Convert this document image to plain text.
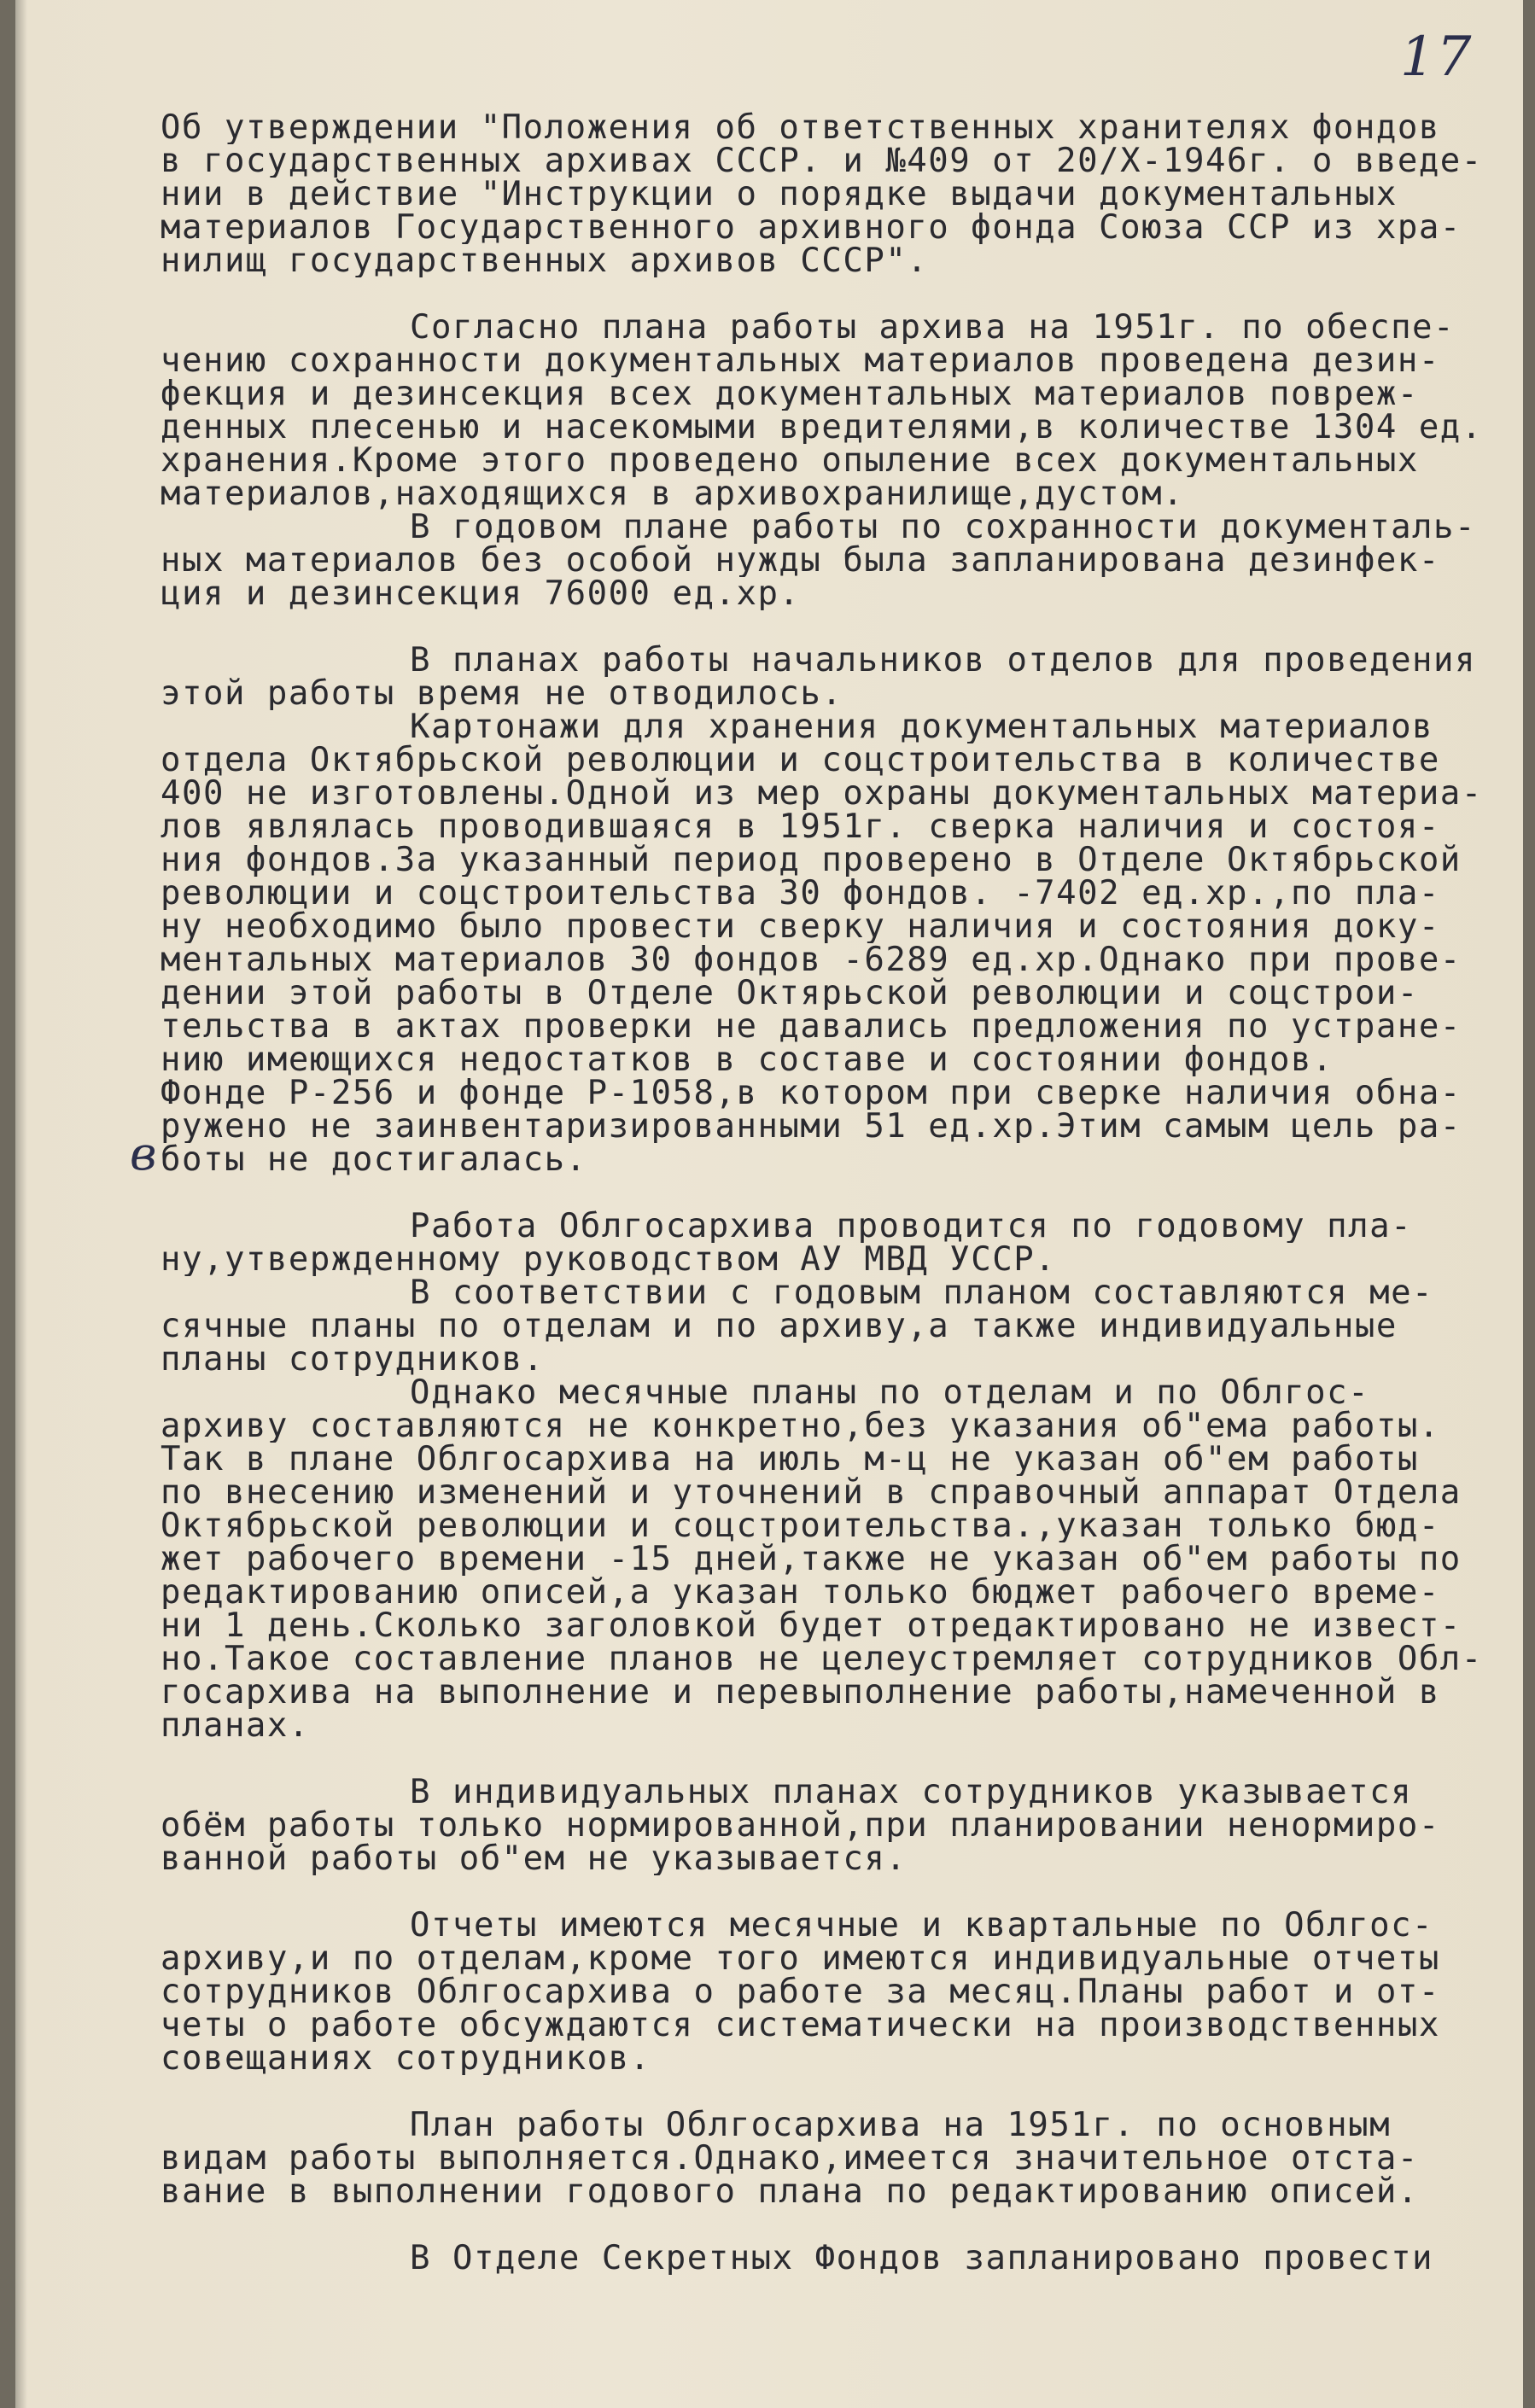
17
в
Об утверждении "Положения об ответственных хранителях фондов
в государственных архивах СССР. и №409 от 20/X-1946г. о введе-
нии в действие "Инструкции о порядке выдачи документальных
материалов Государственного архивного фонда Союза ССР из хра-
нилищ государственных архивов СССР".
Согласно плана работы архива на 1951г. по обеспе-
чению сохранности документальных материалов проведена дезин-
фекция и дезинсекция всех документальных материалов повреж-
денных плесенью и насекомыми вредителями,в количестве 1304 ед.
хранения.Кроме этого проведено опыление всех документальных
материалов,находящихся в архивохранилище,дустом.
В годовом плане работы по сохранности документаль-
ных материалов без особой нужды была запланирована дезинфек-
ция и дезинсекция 76000 ед.хр.
В планах работы начальников отделов для проведения
этой работы время не отводилось.
Картонажи для хранения документальных материалов
отдела Октябрьской революции и соцстроительства в количестве
400 не изготовлены.Одной из мер охраны документальных материа-
лов являлась проводившаяся в 1951г. сверка наличия и состоя-
ния фондов.За указанный период проверено в Отделе Октябрьской
революции и соцстроительства 30 фондов. -7402 ед.хр.,по пла-
ну необходимо было провести сверку наличия и состояния доку-
ментальных материалов 30 фондов -6289 ед.хр.Однако при прове-
дении этой работы в Отделе Октярьской революции и соцстрои-
тельства в актах проверки не давались предложения по устране-
нию имеющихся недостатков в составе и состоянии фондов.
Фонде Р-256 и фонде Р-1058,в котором при сверке наличия обна-
ружено не заинвентаризированными 51 ед.хр.Этим самым цель ра-
боты не достигалась.
Работа Облгосархива проводится по годовому пла-
ну,утвержденному руководством АУ МВД УССР.
В соответствии с годовым планом составляются ме-
сячные планы по отделам и по архиву,а также индивидуальные
планы сотрудников.
Однако месячные планы по отделам и по Облгос-
архиву составляются не конкретно,без указания об"ема работы.
Так в плане Облгосархива на июль м-ц не указан об"ем работы
по внесению изменений и уточнений в справочный аппарат Отдела
Октябрьской революции и соцстроительства.,указан только бюд-
жет рабочего времени -15 дней,также не указан об"ем работы по
редактированию описей,а указан только бюджет рабочего време-
ни 1 день.Сколько заголовкой будет отредактировано не извест-
но.Такое составление планов не целеустремляет сотрудников Обл-
госархива на выполнение и перевыполнение работы,намеченной в
планах.
В индивидуальных планах сотрудников указывается
обём работы только нормированной,при планировании ненормиро-
ванной работы об"ем не указывается.
Отчеты имеются месячные и квартальные по Облгос-
архиву,и по отделам,кроме того имеются индивидуальные отчеты
сотрудников Облгосархива о работе за месяц.Планы работ и от-
четы о работе обсуждаются систематически на производственных
совещаниях сотрудников.
План работы Облгосархива на 1951г. по основным
видам работы выполняется.Однако,имеется значительное отста-
вание в выполнении годового плана по редактированию описей.
В Отделе Секретных Фондов запланировано провести
